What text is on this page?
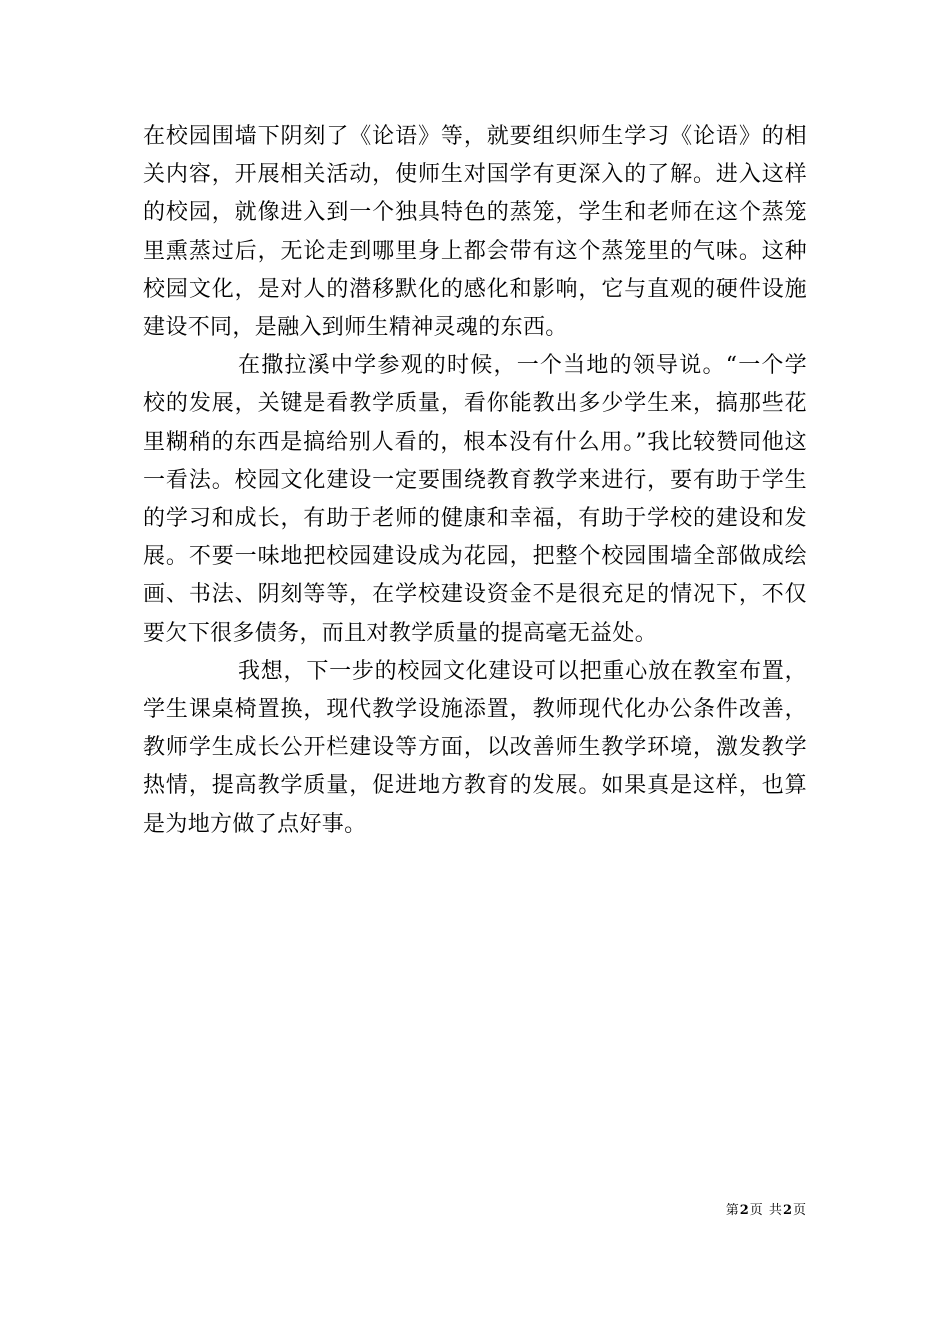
在校园围墙下阴刻了《论语》等，就要组织师生学习《论语》的相关内容，开展相关活动，使师生对国学有更深入的了解。进入这样的校园，就像进入到一个独具特色的蒸笼，学生和老师在这个蒸笼里熏蒸过后，无论走到哪里身上都会带有这个蒸笼里的气味。这种校园文化，是对人的潜移默化的感化和影响，它与直观的硬件设施建设不同，是融入到师生精神灵魂的东西。

在撒拉溪中学参观的时候，一个当地的领导说。“一个学校的发展，关键是看教学质量，看你能教出多少学生来，搞那些花里糊稍的东西是搞给别人看的，根本没有什么用。”我比较赞同他这一看法。校园文化建设一定要围绕教育教学来进行，要有助于学生的学习和成长，有助于老师的健康和幸福，有助于学校的建设和发展。不要一味地把校园建设成为花园，把整个校园围墙全部做成绘画、书法、阴刻等等，在学校建设资金不是很充足的情况下，不仅要欠下很多债务，而且对教学质量的提高毫无益处。

我想，下一步的校园文化建设可以把重心放在教室布置，学生课桌椅置换，现代教学设施添置，教师现代化办公条件改善，教师学生成长公开栏建设等方面，以改善师生教学环境，激发教学热情，提高教学质量，促进地方教育的发展。如果真是这样，也算是为地方做了点好事。

第2页 共2页
